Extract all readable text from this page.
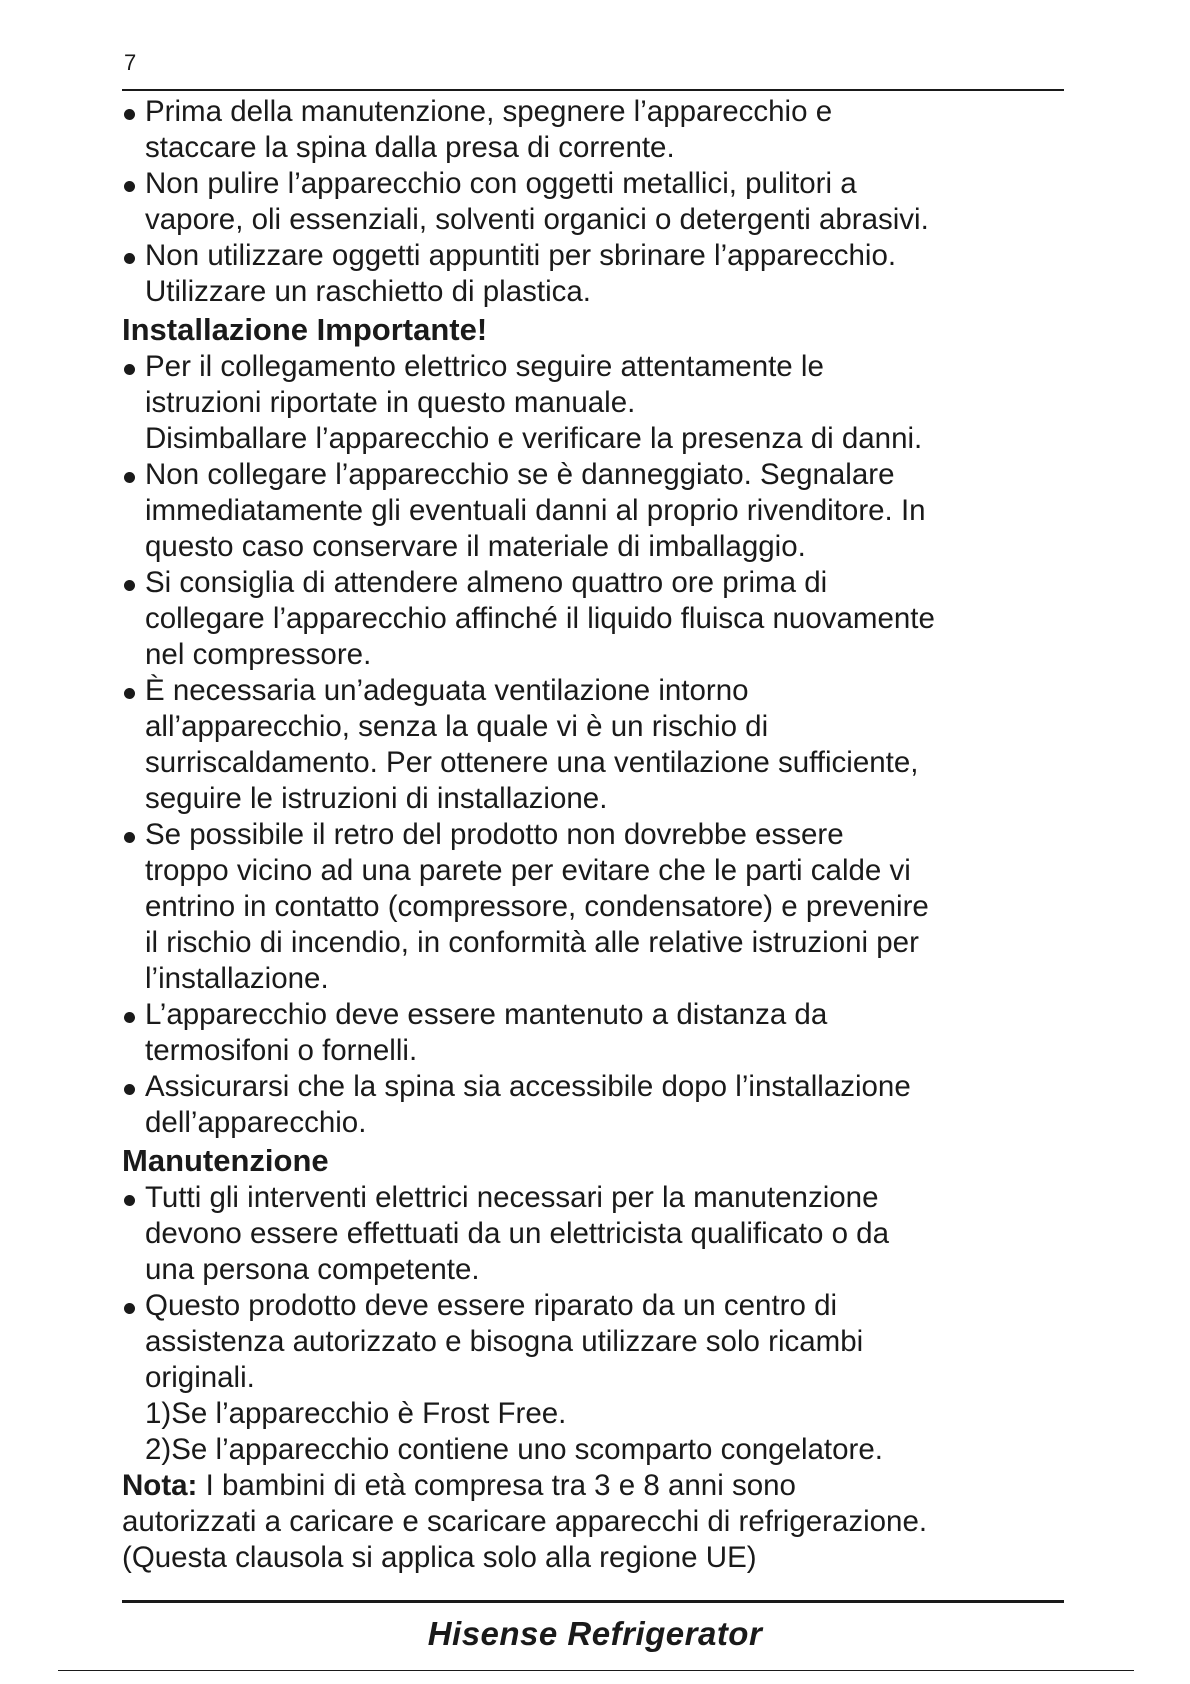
7
Prima della manutenzione, spegnere l’apparecchio e
staccare la spina dalla presa di corrente.
Non pulire l’apparecchio con oggetti metallici, pulitori a
vapore, oli essenziali, solventi organici o detergenti abrasivi.
Non utilizzare oggetti appuntiti per sbrinare l’apparecchio.
Utilizzare un raschietto di plastica.
Installazione Importante!
Per il collegamento elettrico seguire attentamente le
istruzioni riportate in questo manuale.
Disimballare l’apparecchio e verificare la presenza di danni.
Non collegare l’apparecchio se è danneggiato. Segnalare
immediatamente gli eventuali danni al proprio rivenditore. In
questo caso conservare il materiale di imballaggio.
Si consiglia di attendere almeno quattro ore prima di
collegare l’apparecchio affinché il liquido fluisca nuovamente
nel compressore.
È necessaria un’adeguata ventilazione intorno
all’apparecchio, senza la quale vi è un rischio di
surriscaldamento. Per ottenere una ventilazione sufficiente,
seguire le istruzioni di installazione.
Se possibile il retro del prodotto non dovrebbe essere
troppo vicino ad una parete per evitare che le parti calde vi
entrino in contatto (compressore, condensatore) e prevenire
il rischio di incendio, in conformità alle relative istruzioni per
l’installazione.
L’apparecchio deve essere mantenuto a distanza da
termosifoni o fornelli.
Assicurarsi che la spina sia accessibile dopo l’installazione
dell’apparecchio.
Manutenzione
Tutti gli interventi elettrici necessari per la manutenzione
devono essere effettuati da un elettricista qualificato o da
una persona competente.
Questo prodotto deve essere riparato da un centro di
assistenza autorizzato e bisogna utilizzare solo ricambi
originali.
1)Se l’apparecchio è Frost Free.
2)Se l’apparecchio contiene uno scomparto congelatore.

Nota: I bambini di età compresa tra 3 e 8 anni sono
autorizzati a caricare e scaricare apparecchi di refrigerazione.
(Questa clausola si applica solo alla regione UE)

Hisense Refrigerator
